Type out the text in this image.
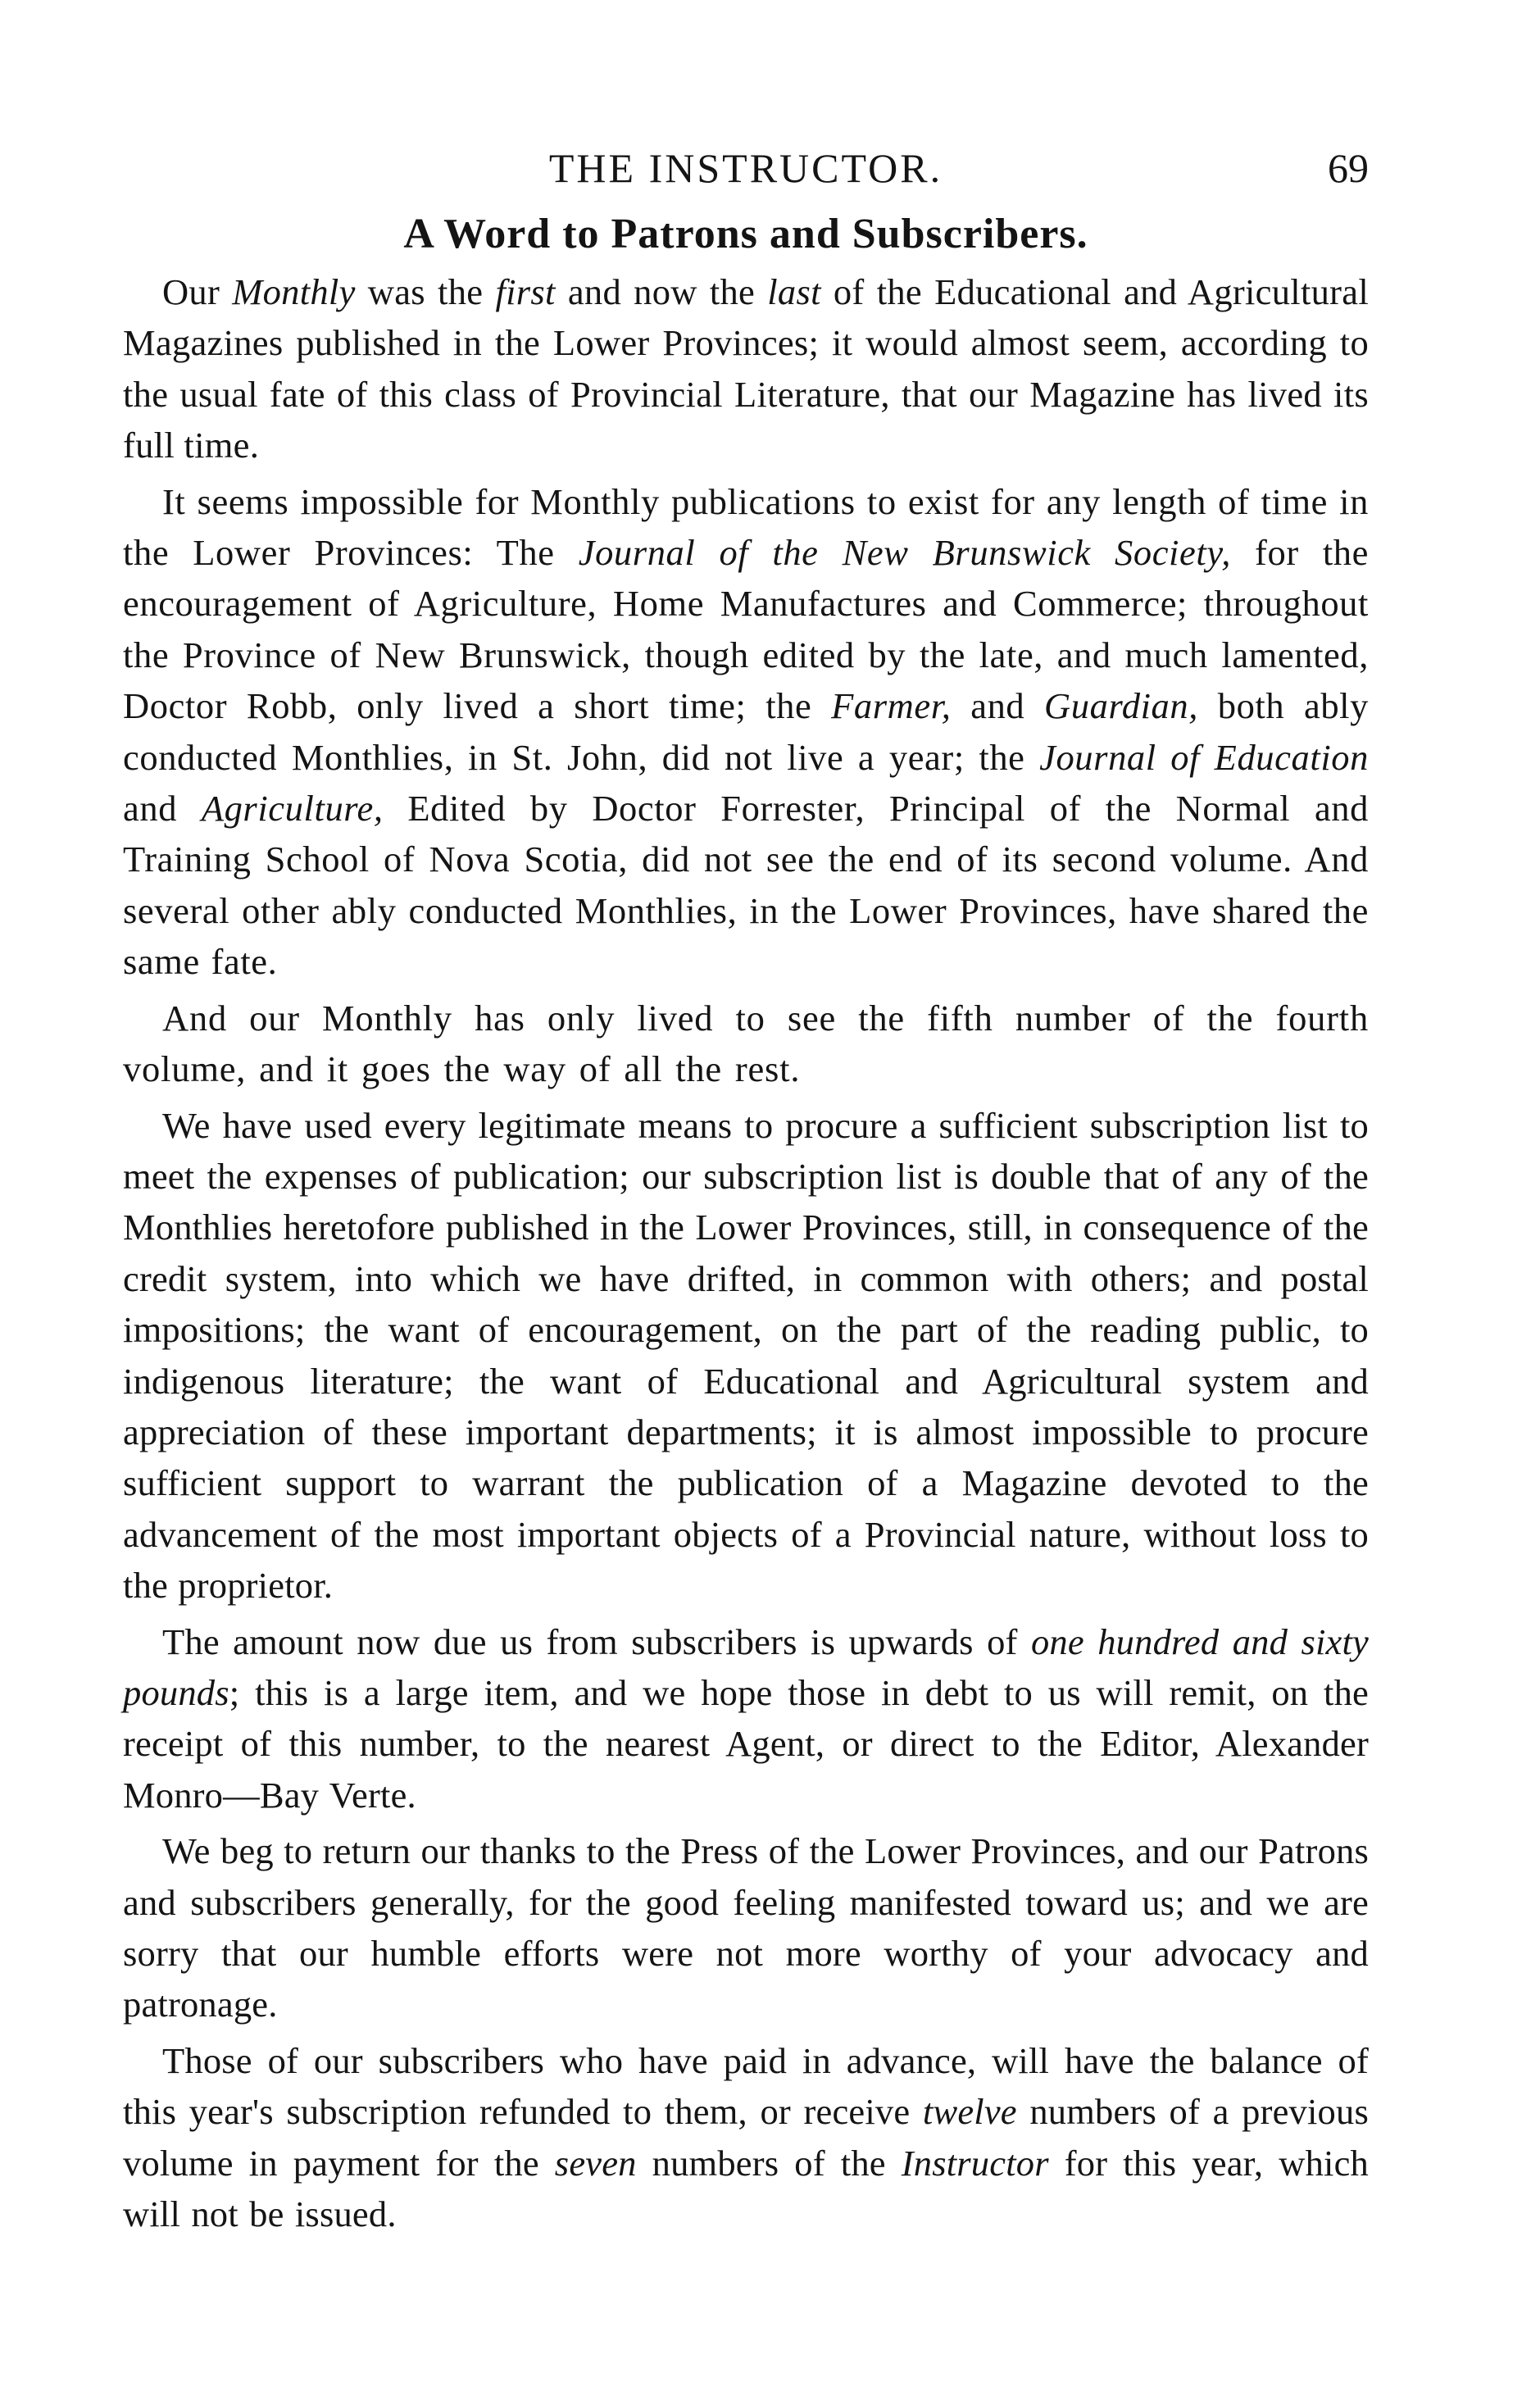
THE INSTRUCTOR.	69
A Word to Patrons and Subscribers.

Our Monthly was the first and now the last of the Educational and Agricultural Magazines published in the Lower Provinces; it would almost seem, according to the usual fate of this class of Provincial Literature, that our Magazine has lived its full time.

It seems impossible for Monthly publications to exist for any length of time in the Lower Provinces: The Journal of the New Brunswick Society, for the encouragement of Agriculture, Home Manufactures and Commerce; throughout the Province of New Brunswick, though edited by the late, and much lamented, Doctor Robb, only lived a short time; the Farmer, and Guardian, both ably conducted Monthlies, in St. John, did not live a year; the Journal of Education and Agriculture, Edited by Doctor Forrester, Principal of the Normal and Training School of Nova Scotia, did not see the end of its second volume. And several other ably conducted Monthlies, in the Lower Provinces, have shared the same fate.

And our Monthly has only lived to see the fifth number of the fourth volume, and it goes the way of all the rest.

We have used every legitimate means to procure a sufficient subscription list to meet the expenses of publication; our subscription list is double that of any of the Monthlies heretofore published in the Lower Provinces, still, in consequence of the credit system, into which we have drifted, in common with others; and postal impositions; the want of encouragement, on the part of the reading public, to indigenous literature; the want of Educational and Agricultural system and appreciation of these important departments; it is almost impossible to procure sufficient support to warrant the publication of a Magazine devoted to the advancement of the most important objects of a Provincial nature, without loss to the proprietor.

The amount now due us from subscribers is upwards of one hundred and sixty pounds; this is a large item, and we hope those in debt to us will remit, on the receipt of this number, to the nearest Agent, or direct to the Editor, Alexander Monro—Bay Verte.

We beg to return our thanks to the Press of the Lower Provinces, and our Patrons and subscribers generally, for the good feeling manifested toward us; and we are sorry that our humble efforts were not more worthy of your advocacy and patronage.

Those of our subscribers who have paid in advance, will have the balance of this year's subscription refunded to them, or receive twelve numbers of a previous volume in payment for the seven numbers of the Instructor for this year, which will not be issued.
